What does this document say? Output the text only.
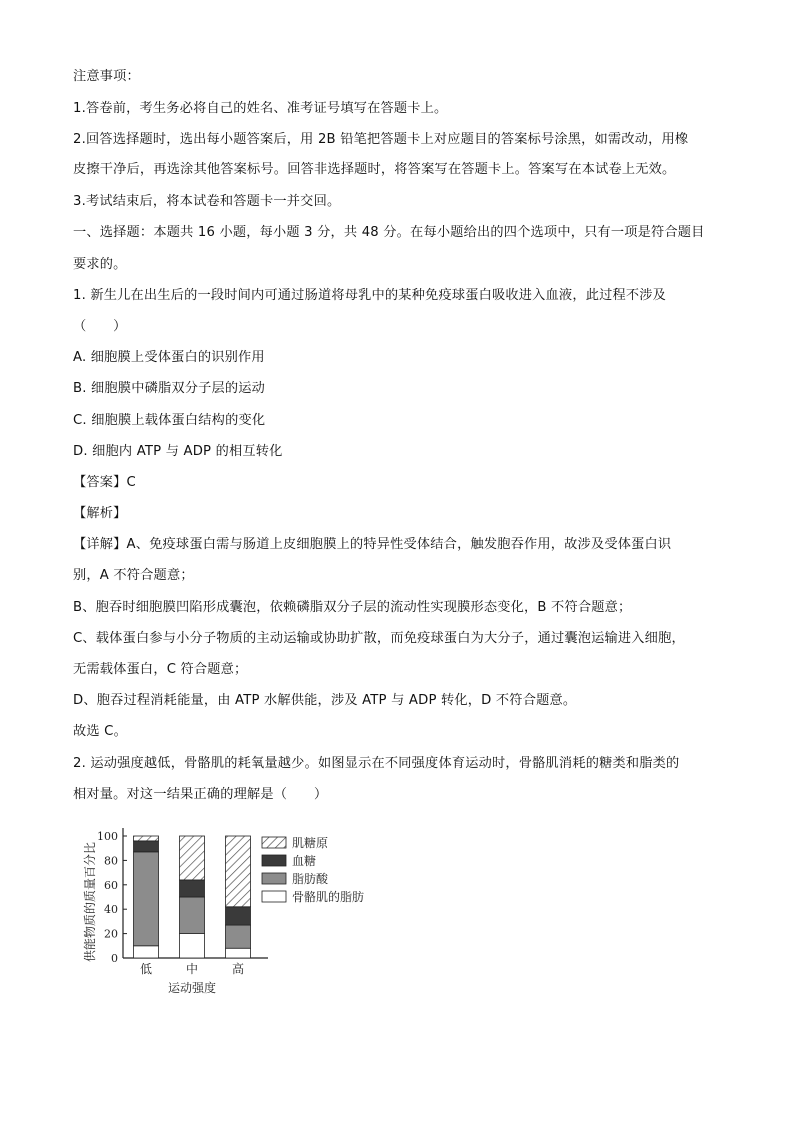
注意事项：
1.答卷前，考生务必将自己的姓名、准考证号填写在答题卡上。
2.回答选择题时，选出每小题答案后，用 2B 铅笔把答题卡上对应题目的答案标号涂黑，如需改动，用橡
皮擦干净后，再选涂其他答案标号。回答非选择题时，将答案写在答题卡上。答案写在本试卷上无效。
3.考试结束后，将本试卷和答题卡一并交回。
一、选择题：本题共 16 小题，每小题 3 分，共 48 分。在每小题给出的四个选项中，只有一项是符合题目
要求的。
1. 新生儿在出生后的一段时间内可通过肠道将母乳中的某种免疫球蛋白吸收进入血液，此过程不涉及
（　　）
A. 细胞膜上受体蛋白的识别作用
B. 细胞膜中磷脂双分子层的运动
C. 细胞膜上载体蛋白结构的变化
D. 细胞内 ATP 与 ADP 的相互转化
【答案】C
【解析】
【详解】A、免疫球蛋白需与肠道上皮细胞膜上的特异性受体结合，触发胞吞作用，故涉及受体蛋白识
别，A 不符合题意；
B、胞吞时细胞膜凹陷形成囊泡，依赖磷脂双分子层的流动性实现膜形态变化，B 不符合题意；
C、载体蛋白参与小分子物质的主动运输或协助扩散，而免疫球蛋白为大分子，通过囊泡运输进入细胞，
无需载体蛋白，C 符合题意；
D、胞吞过程消耗能量，由 ATP 水解供能，涉及 ATP 与 ADP 转化，D 不符合题意。
故选 C。
2. 运动强度越低，骨骼肌的耗氧量越少。如图显示在不同强度体育运动时，骨骼肌消耗的糖类和脂类的
相对量。对这一结果正确的理解是（　　）
0
20
40
60
80
100
低	中	高
运动强度
供能物质的质量百分比	肌糖原
血糖
脂肪酸
骨骼肌的脂肪
